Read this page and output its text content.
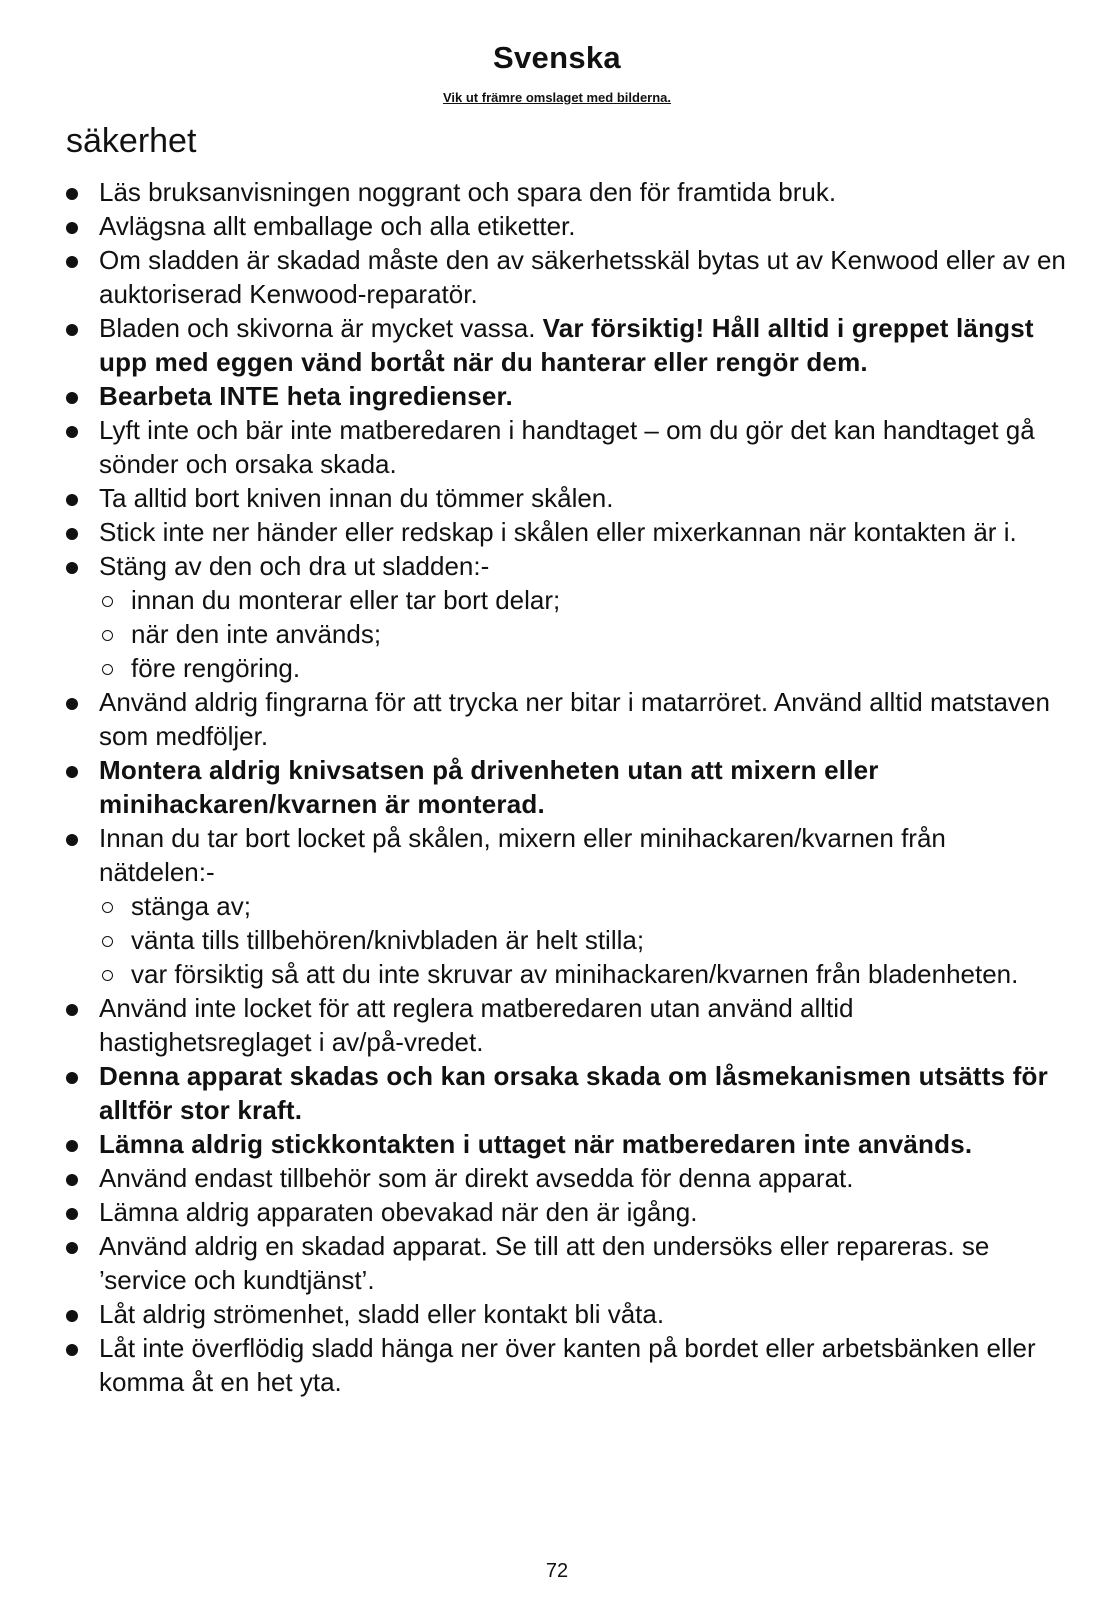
Svenska
Vik ut främre omslaget med bilderna.
säkerhet
Läs bruksanvisningen noggrant och spara den för framtida bruk.
Avlägsna allt emballage och alla etiketter.
Om sladden är skadad måste den av säkerhetsskäl bytas ut av Kenwood eller av en auktoriserad Kenwood-reparatör.
Bladen och skivorna är mycket vassa. Var försiktig! Håll alltid i greppet längst upp med eggen vänd bortåt när du hanterar eller rengör dem.
Bearbeta INTE heta ingredienser.
Lyft inte och bär inte matberedaren i handtaget – om du gör det kan handtaget gå sönder och orsaka skada.
Ta alltid bort kniven innan du tömmer skålen.
Stick inte ner händer eller redskap i skålen eller mixerkannan när kontakten är i.
Stäng av den och dra ut sladden:-
innan du monterar eller tar bort delar;
när den inte används;
före rengöring.
Använd aldrig fingrarna för att trycka ner bitar i matarröret. Använd alltid matstaven som medföljer.
Montera aldrig knivsatsen på drivenheten utan att mixern eller minihackaren/kvarnen är monterad.
Innan du tar bort locket på skålen, mixern eller minihackaren/kvarnen från nätdelen:-
stänga av;
vänta tills tillbehören/knivbladen är helt stilla;
var försiktig så att du inte skruvar av minihackaren/kvarnen från bladenheten.
Använd inte locket för att reglera matberedaren utan använd alltid hastighetsreglaget i av/på-vredet.
Denna apparat skadas och kan orsaka skada om låsmekanismen utsätts för alltför stor kraft.
Lämna aldrig stickkontakten i uttaget när matberedaren inte används.
Använd endast tillbehör som är direkt avsedda för denna apparat.
Lämna aldrig apparaten obevakad när den är igång.
Använd aldrig en skadad apparat. Se till att den undersöks eller repareras. se ’service och kundtjänst’.
Låt aldrig strömenhet, sladd eller kontakt bli våta.
Låt inte överflödig sladd hänga ner över kanten på bordet eller arbetsbänken eller komma åt en het yta.
72
